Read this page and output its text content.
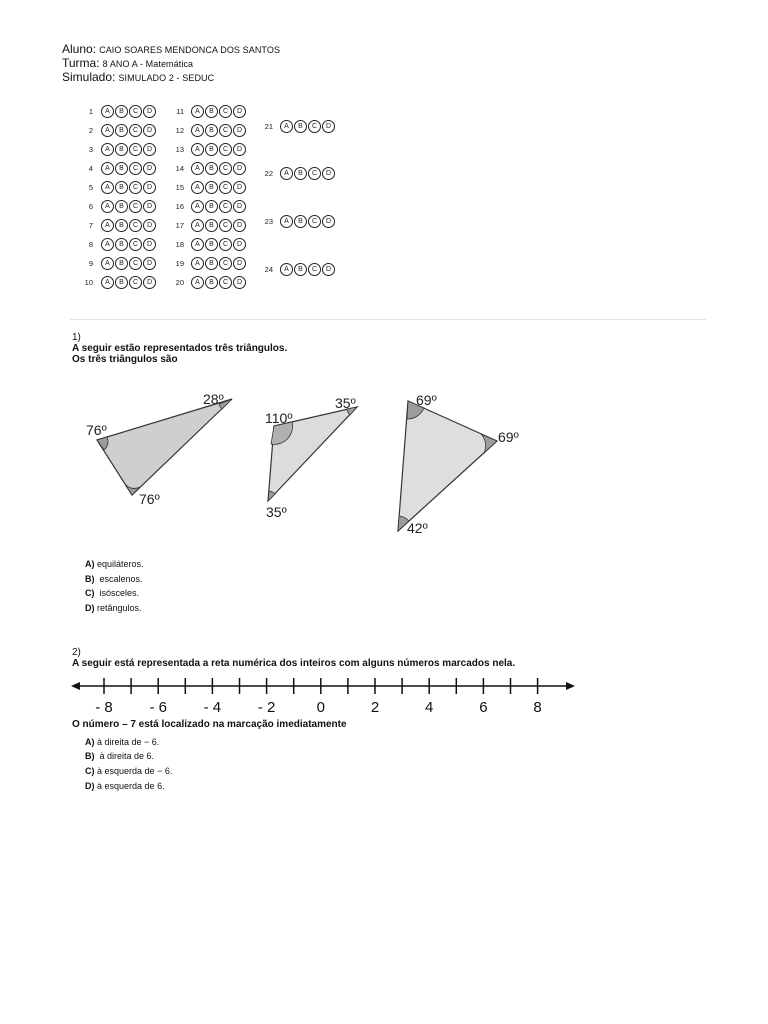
Aluno: CAIO SOARES MENDONCA DOS SANTOS
Turma: 8 ANO A - Matemática
Simulado: SIMULADO 2 - SEDUC
1	A	B	C	D
2	A	B	C	D
3	A	B	C	D
4	A	B	C	D
5	A	B	C	D
6	A	B	C	D
7	A	B	C	D
8	A	B	C	D
9	A	B	C	D
10	A	B	C	D
11	A	B	C	D
12	A	B	C	D
13	A	B	C	D
14	A	B	C	D
15	A	B	C	D
16	A	B	C	D
17	A	B	C	D
18	A	B	C	D
19	A	B	C	D
20	A	B	C	D
21	A	B	C	D
22	A	B	C	D
23	A	B	C	D
24	A	B	C	D
1)
A seguir estão representados três triângulos.
Os três triângulos são
28º
76º
76º
110º
35º
35º
69º
69º
42º
A) equiláteros.
B) escalenos.
C) isósceles.
D) retângulos.
2)
A seguir está representada a reta numérica dos inteiros com alguns números marcados nela.
- 8 - 6 - 4 - 2	0	2	4	6	8
O número – 7 está localizado na marcação imediatamente
A) à direita de − 6.
B) à direita de 6.
C) à esquerda de − 6.
D) à esquerda de 6.
